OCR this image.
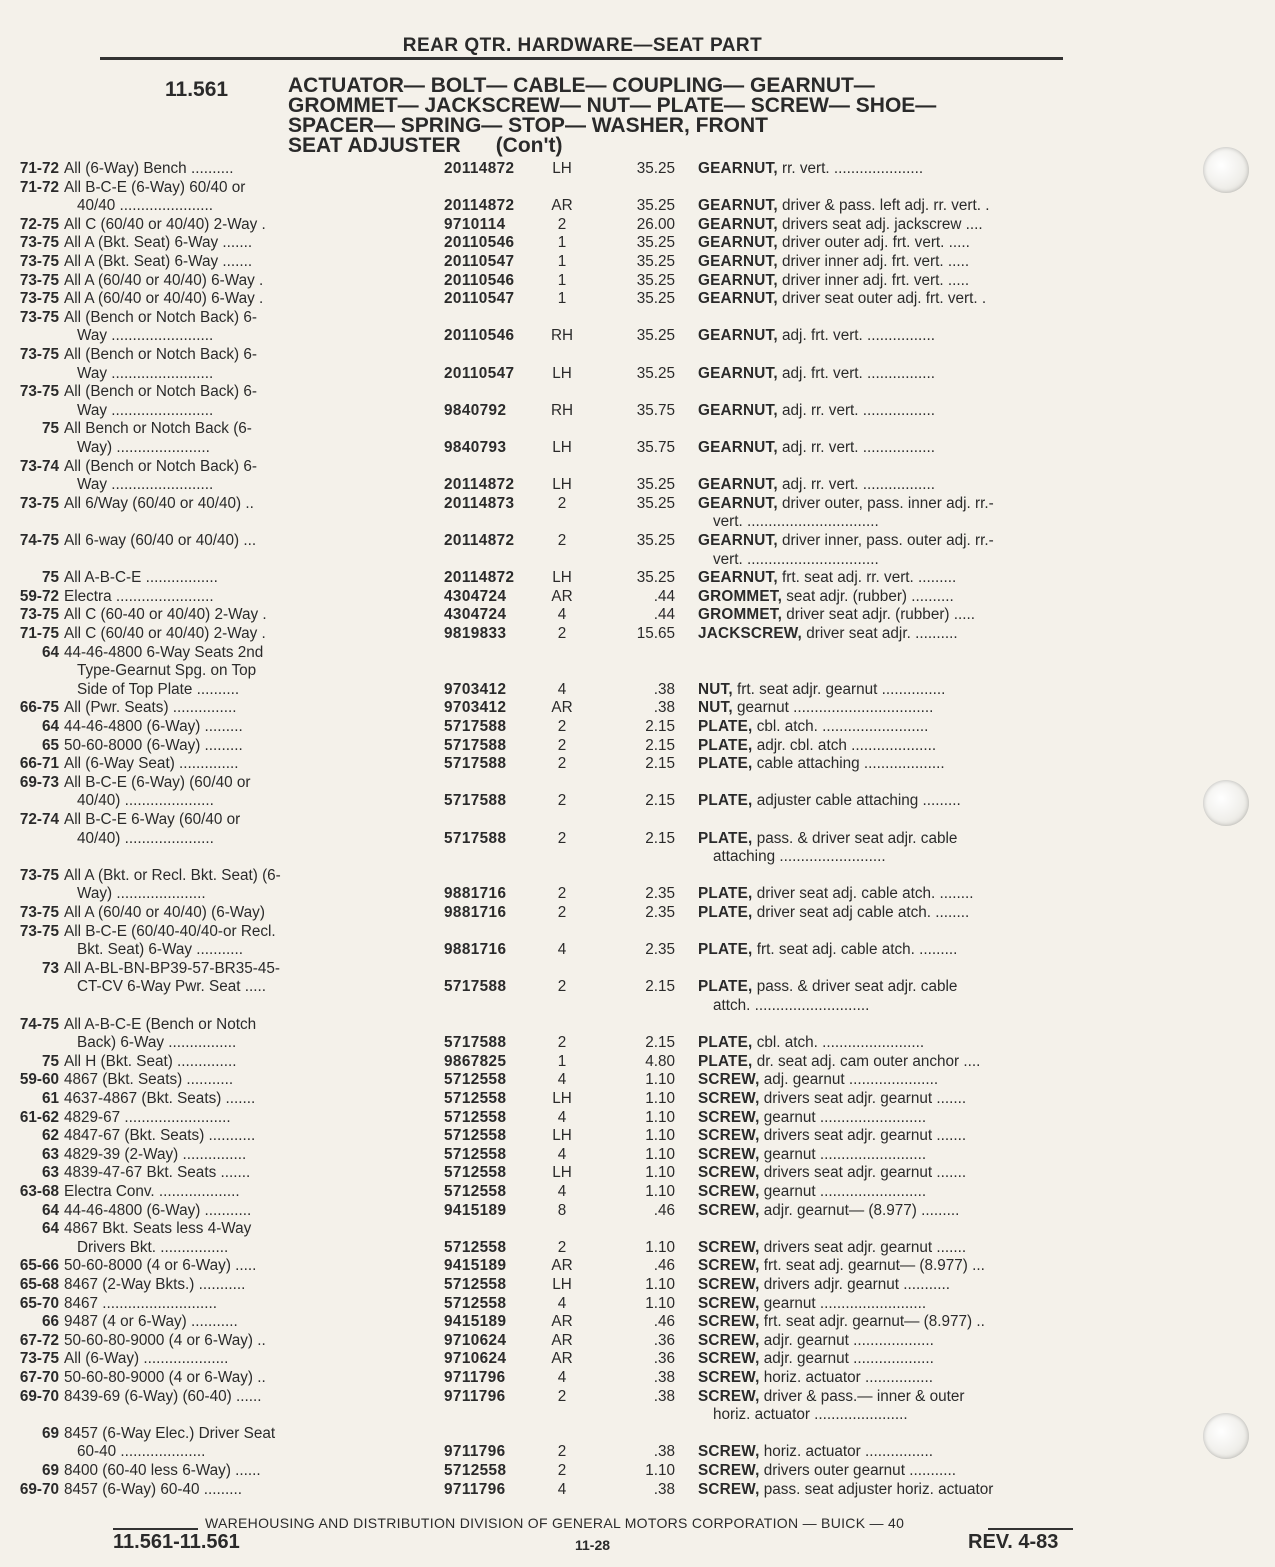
REAR QTR. HARDWARE—SEAT PART
11.561	ACTUATOR— BOLT— CABLE— COUPLING— GEARNUT—
GROMMET— JACKSCREW— NUT— PLATE— SCREW— SHOE—
SPACER— SPRING— STOP— WASHER, FRONT
SEAT ADJUSTER      (Con't)
71-72 All (6-Way) Bench ..........	20114872	LH	35.25 GEARNUT, rr. vert. .....................
71-72 All B-C-E (6-Way) 60/40 or
40/40 ......................	20114872	AR	35.25 GEARNUT, driver & pass. left adj. rr. vert. .
72-75 All C (60/40 or 40/40) 2-Way .	9710114	2	26.00 GEARNUT, drivers seat adj. jackscrew ....
73-75 All A (Bkt. Seat) 6-Way .......	20110546	1	35.25 GEARNUT, driver outer adj. frt. vert. .....
73-75 All A (Bkt. Seat) 6-Way .......	20110547	1	35.25 GEARNUT, driver inner adj. frt. vert. .....
73-75 All A (60/40 or 40/40) 6-Way .	20110546	1	35.25 GEARNUT, driver inner adj. frt. vert. .....
73-75 All A (60/40 or 40/40) 6-Way .	20110547	1	35.25 GEARNUT, driver seat outer adj. frt. vert. .
73-75 All (Bench or Notch Back) 6-
Way ........................	20110546	RH	35.25 GEARNUT, adj. frt. vert. ................
73-75 All (Bench or Notch Back) 6-
Way ........................	20110547	LH	35.25 GEARNUT, adj. frt. vert. ................
73-75 All (Bench or Notch Back) 6-
Way ........................	9840792	RH	35.75 GEARNUT, adj. rr. vert. .................
75 All Bench or Notch Back (6-
Way) ......................	9840793	LH	35.75 GEARNUT, adj. rr. vert. .................
73-74 All (Bench or Notch Back) 6-
Way ........................	20114872	LH	35.25 GEARNUT, adj. rr. vert. .................
73-75 All 6/Way (60/40 or 40/40) ..	20114873	2	35.25 GEARNUT, driver outer, pass. inner adj. rr.-
vert. ...............................
74-75 All 6-way (60/40 or 40/40) ...	20114872	2	35.25 GEARNUT, driver inner, pass. outer adj. rr.-
vert. ...............................
75 All A-B-C-E .................	20114872	LH	35.25 GEARNUT, frt. seat adj. rr. vert. .........
59-72 Electra .......................	4304724	AR	.44 GROMMET, seat adjr. (rubber) ..........
73-75 All C (60-40 or 40/40) 2-Way .	4304724	4	.44 GROMMET, driver seat adjr. (rubber) .....
71-75 All C (60/40 or 40/40) 2-Way .	9819833	2	15.65 JACKSCREW, driver seat adjr. ..........
64 44-46-4800 6-Way Seats 2nd
Type-Gearnut Spg. on Top
Side of Top Plate ..........	9703412	4	.38 NUT, frt. seat adjr. gearnut ...............
66-75 All (Pwr. Seats) ...............	9703412	AR	.38 NUT, gearnut .................................
64 44-46-4800 (6-Way) .........	5717588	2	2.15 PLATE, cbl. atch. .........................
65 50-60-8000 (6-Way) .........	5717588	2	2.15 PLATE, adjr. cbl. atch ....................
66-71 All (6-Way Seat) ..............	5717588	2	2.15 PLATE, cable attaching ...................
69-73 All B-C-E (6-Way) (60/40 or
40/40) .....................	5717588	2	2.15 PLATE, adjuster cable attaching .........
72-74 All B-C-E 6-Way (60/40 or
40/40) .....................	5717588	2	2.15 PLATE, pass. & driver seat adjr. cable
attaching .........................
73-75 All A (Bkt. or Recl. Bkt. Seat) (6-
Way) .....................	9881716	2	2.35 PLATE, driver seat adj. cable atch. ........
73-75 All A (60/40 or 40/40) (6-Way)	9881716	2	2.35 PLATE, driver seat adj cable atch. ........
73-75 All B-C-E (60/40-40/40-or Recl.
Bkt. Seat) 6-Way ...........	9881716	4	2.35 PLATE, frt. seat adj. cable atch. .........
73 All A-BL-BN-BP39-57-BR35-45-
CT-CV 6-Way Pwr. Seat .....	5717588	2	2.15 PLATE, pass. & driver seat adjr. cable
attch. ...........................
74-75 All A-B-C-E (Bench or Notch
Back) 6-Way ................	5717588	2	2.15 PLATE, cbl. atch. ........................
75 All H (Bkt. Seat) ..............	9867825	1	4.80 PLATE, dr. seat adj. cam outer anchor ....
59-60 4867 (Bkt. Seats) ...........	5712558	4	1.10 SCREW, adj. gearnut .....................
61 4637-4867 (Bkt. Seats) .......	5712558	LH	1.10 SCREW, drivers seat adjr. gearnut .......
61-62 4829-67 .........................	5712558	4	1.10 SCREW, gearnut .........................
62 4847-67 (Bkt. Seats) ...........	5712558	LH	1.10 SCREW, drivers seat adjr. gearnut .......
63 4829-39 (2-Way) ...............	5712558	4	1.10 SCREW, gearnut .........................
63 4839-47-67 Bkt. Seats .......	5712558	LH	1.10 SCREW, drivers seat adjr. gearnut .......
63-68 Electra Conv. ...................	5712558	4	1.10 SCREW, gearnut .........................
64 44-46-4800 (6-Way) ...........	9415189	8	.46 SCREW, adjr. gearnut— (8.977) .........
64 4867 Bkt. Seats less 4-Way
Drivers Bkt. ................	5712558	2	1.10 SCREW, drivers seat adjr. gearnut .......
65-66 50-60-8000 (4 or 6-Way) .....	9415189	AR	.46 SCREW, frt. seat adj. gearnut— (8.977) ...
65-68 8467 (2-Way Bkts.) ...........	5712558	LH	1.10 SCREW, drivers adjr. gearnut ...........
65-70 8467 ...........................	5712558	4	1.10 SCREW, gearnut .........................
66 9487 (4 or 6-Way) ...........	9415189	AR	.46 SCREW, frt. seat adjr. gearnut— (8.977) ..
67-72 50-60-80-9000 (4 or 6-Way) ..	9710624	AR	.36 SCREW, adjr. gearnut ...................
73-75 All (6-Way) ....................	9710624	AR	.36 SCREW, adjr. gearnut ...................
67-70 50-60-80-9000 (4 or 6-Way) ..	9711796	4	.38 SCREW, horiz. actuator ................
69-70 8439-69 (6-Way) (60-40) ......	9711796	2	.38 SCREW, driver & pass.— inner & outer
horiz. actuator ......................
69 8457 (6-Way Elec.) Driver Seat
60-40 ....................	9711796	2	.38 SCREW, horiz. actuator ................
69 8400 (60-40 less 6-Way) ......	5712558	2	1.10 SCREW, drivers outer gearnut ...........
69-70 8457 (6-Way) 60-40 .........	9711796	4	.38 SCREW, pass. seat adjuster horiz. actuator
WAREHOUSING AND DISTRIBUTION DIVISION OF GENERAL MOTORS CORPORATION — BUICK — 40
11.561-11.561	11-28	REV. 4-83
